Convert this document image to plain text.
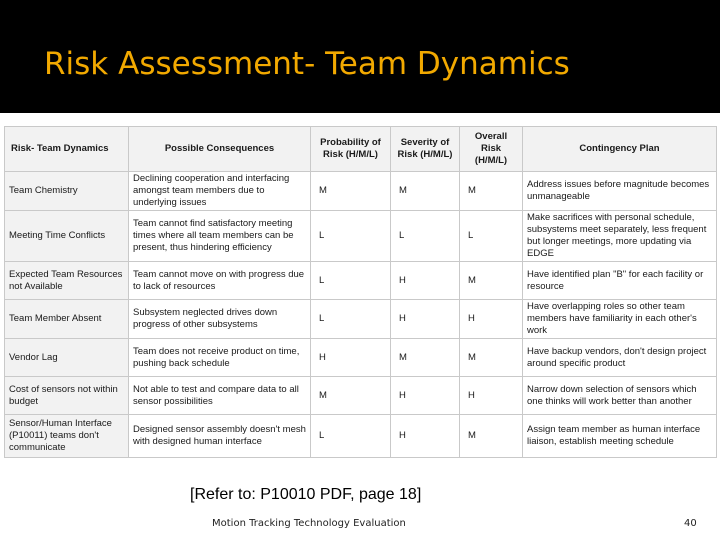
Risk Assessment- Team Dynamics
Risk- Team Dynamics	Possible Consequences	Probability of Risk (H/M/L)	Severity of Risk (H/M/L)	Overall Risk (H/M/L)	Contingency Plan
Team Chemistry	Declining cooperation and interfacing amongst team members due to underlying issues	M	M	M	Address issues before magnitude becomes unmanageable
Meeting Time Conflicts	Team cannot find satisfactory meeting times where all team members can be present, thus hindering efficiency	L	L	L	Make sacrifices with personal schedule, subsystems meet separately, less frequent but longer meetings, more updating via EDGE
Expected Team Resources not Available	Team cannot move on with progress due to lack of resources	L	H	M	Have identified plan "B" for each facility or resource
Team Member Absent	Subsystem neglected drives down progress of other subsystems	L	H	H	Have overlapping roles so other team members have familiarity in each other's work
Vendor Lag	Team does not receive product on time, pushing back schedule	H	M	M	Have backup vendors, don't design project around specific product
Cost of sensors not within budget	Not able to test and compare data to all sensor possibilities	M	H	H	Narrow down selection of sensors which one thinks will work better than another
Sensor/Human Interface (P10011) teams don't communicate	Designed sensor assembly doesn't mesh with designed human interface	L	H	M	Assign team member as human interface liaison, establish meeting schedule
[Refer to: P10010 PDF, page 18]
Motion Tracking Technology Evaluation	40
